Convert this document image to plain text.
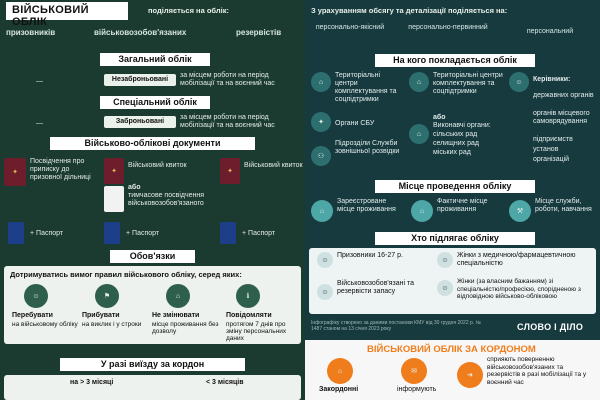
ВІЙСЬКОВИЙ ОБЛІК
поділяється на облік:
призовників	військовозобов'язаних	резервістів
Загальний облік
—	Незаброньовані
за місцем роботи на період мобілізації та на воєнний час
Спеціальний облік
—	Заброньовані
за місцем роботи на період мобілізації та на воєнний час
Військово-облікові документи
✦
Посвідчення про приписку до призовної дільниці
✦
Військовий квиток
або
тимчасове посвідчення військовозобов'язаного
✦
Військовий квиток
+ Паспорт	+ Паспорт	+ Паспорт
Обов'язки
Дотримуватись вимог правил військового обліку, серед яких:
☺
Перебувати
на військовому обліку
⚑
Прибувати
на виклик і у строки
⌂
Не змінювати
місце проживання без дозволу
ℹ
Повідомляти
протягом 7 днів про зміну персональних даних
У разі виїзду за кордон
на > 3 місяці	< 3 місяців
З урахуванням обсягу та деталізації поділяється на:
персонально-якісний	персонально-первинний
персональний
На кого покладається облік
⌂
Територіальні центри комплектування та соцпідтримки
✦	Органи СБУ
⚇
Підрозділи Служби зовнішньої розвідки
⌂
Територіальні центри комплектування та соцпідтримки
або
⌂
Виконавчі органи:
сільських рад
селищних рад
міських рад
☺	Керівники:
державних органів
органів місцевого самоврядування
підприємств
установ
організацій
Місце проведення обліку
⌂
Зареєстроване місце проживання	⌂
Фактичне місце проживання	⚒
Місце служби, роботи, навчання
Хто підлягає обліку
☺
Призовники 16-27 р.
☺
Жінки з медичною/фармацевтичною спеціальністю
☺
Військовозобов'язані та резервісти запасу	☺
Жінки (за власним бажанням) зі спеціальністю/професією, спорідненою з відповідною військово-обліковою
Інфографіку створено за даними постанови КМУ від 30 грудня 2022 р. № 1487 станом на 13 січня 2023 року	СЛОВО І ДІЛО
ВІЙСЬКОВИЙ ОБЛІК ЗА КОРДОНОМ
⌂
Закордонні
✉
інформують
➜
сприяють поверненню військовозобов'язаних та резервістів в разі мобілізації та у воєнний час
